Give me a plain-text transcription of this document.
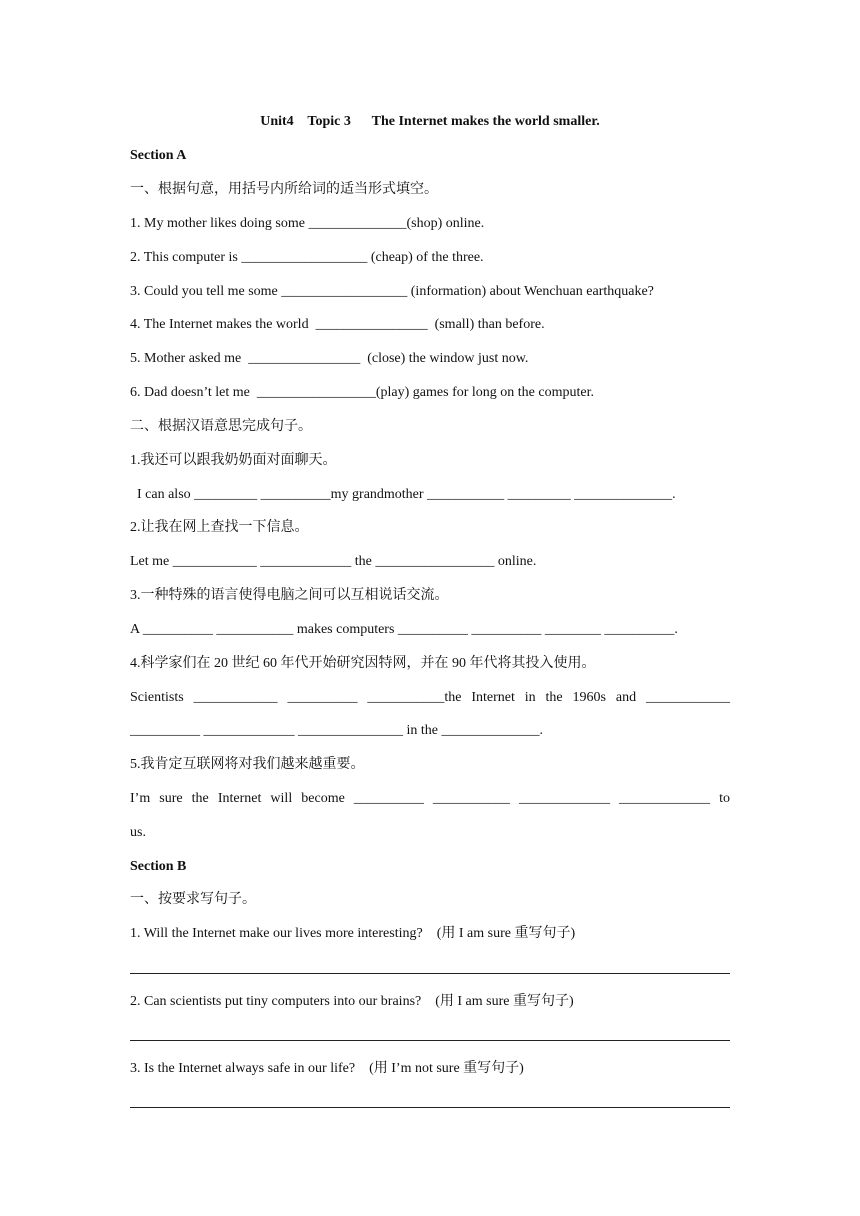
Unit4    Topic 3      The Internet makes the world smaller.
Section A
一、根据句意，用括号内所给词的适当形式填空。
1. My mother likes doing some ______________(shop) online.
2. This computer is __________________ (cheap) of the three.
3. Could you tell me some __________________ (information) about Wenchuan earthquake?
4. The Internet makes the world  ________________  (small) than before.
5. Mother asked me  ________________  (close) the window just now.
6. Dad doesn’t let me  _________________(play) games for long on the computer.
二、根据汉语意思完成句子。
1.我还可以跟我奶奶面对面聊天。
I can also _________ __________my grandmother ___________ _________ ______________.
2.让我在网上查找一下信息。
Let me ____________ _____________ the _________________ online.
3.一种特殊的语言使得电脑之间可以互相说话交流。
A __________ ___________ makes computers __________ __________ ________ __________.
4.科学家们在 20 世纪 60 年代开始研究因特网，并在 90 年代将其投入使用。
Scientists ____________ __________ ___________the Internet in the 1960s and ____________
__________ _____________ _______________ in the ______________.
5.我肯定互联网将对我们越来越重要。
I’m sure the Internet will become __________ ___________ _____________ _____________ to
us.
Section B
一、按要求写句子。
1. Will the Internet make our lives more interesting?    (用 I am sure 重写句子)
2. Can scientists put tiny computers into our brains?    (用 I am sure 重写句子)
3. Is the Internet always safe in our life?    (用 I’m not sure 重写句子)
